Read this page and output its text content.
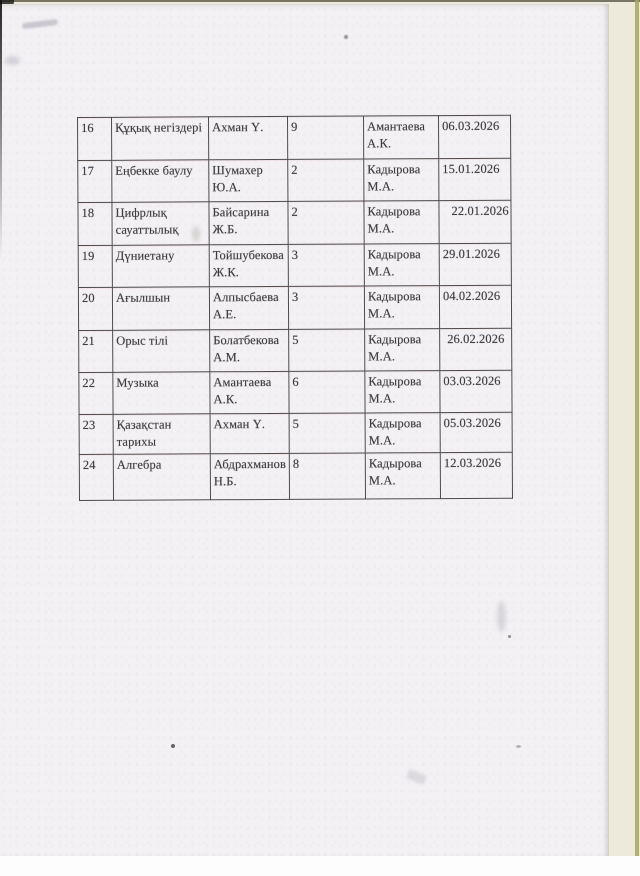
16	Құқық негіздері	Ахман Ү.	9	Амантаева А.К.	06.03.2026
17	Еңбекке баулу	Шумахер Ю.А.	2	Кадырова М.А.	15.01.2026
18	Цифрлық сауаттылық	Байсарина Ж.Б.	2	Кадырова М.А.	22.01.2026
19	Дүниетану	Тойшубекова Ж.К.	3	Кадырова М.А.	29.01.2026
20	Ағылшын	Алпысбаева А.Е.	3	Кадырова М.А.	04.02.2026
21	Орыс тілі	Болатбекова А.М.	5	Кадырова М.А.	26.02.2026
22	Музыка	Амантаева А.К.	6	Кадырова М.А.	03.03.2026
23	Қазақстан тарихы	Ахман Ү.	5	Кадырова М.А.	05.03.2026
24	Алгебра	Абдрахманов Н.Б.	8	Кадырова М.А.	12.03.2026
